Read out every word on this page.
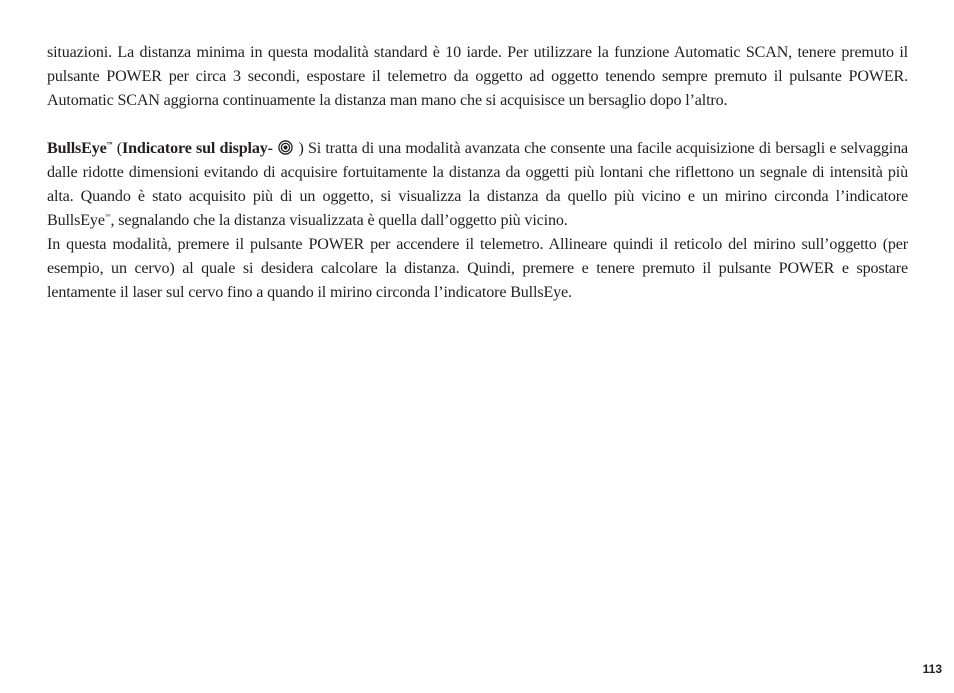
situazioni. La distanza minima in questa modalità standard è 10 iarde. Per utilizzare la funzione Automatic SCAN, tenere premuto il pulsante POWER per circa 3 secondi, espostare il telemetro da oggetto ad oggetto tenendo sempre premuto il pulsante POWER. Automatic SCAN aggiorna continuamente la distanza man mano che si acquisisce un bersaglio dopo l’altro.

BullsEye™ (Indicatore sul display-  ) Si tratta di una modalità avanzata che consente una facile acquisizione di bersagli e selvaggina dalle ridotte dimensioni evitando di acquisire fortuitamente la distanza da oggetti più lontani che riflettono un segnale di intensità più alta. Quando è stato acquisito più di un oggetto, si visualizza la distanza da quello più vicino e un mirino circonda l’indicatore BullsEye™, segnalando che la distanza visualizzata è quella dall’oggetto più vicino.

In questa modalità, premere il pulsante POWER per accendere il telemetro. Allineare quindi il reticolo del mirino sull’oggetto (per esempio, un cervo) al quale si desidera calcolare la distanza. Quindi, premere e tenere premuto il pulsante POWER e spostare lentamente il laser sul cervo fino a quando il mirino circonda l’indicatore BullsEye.

113
